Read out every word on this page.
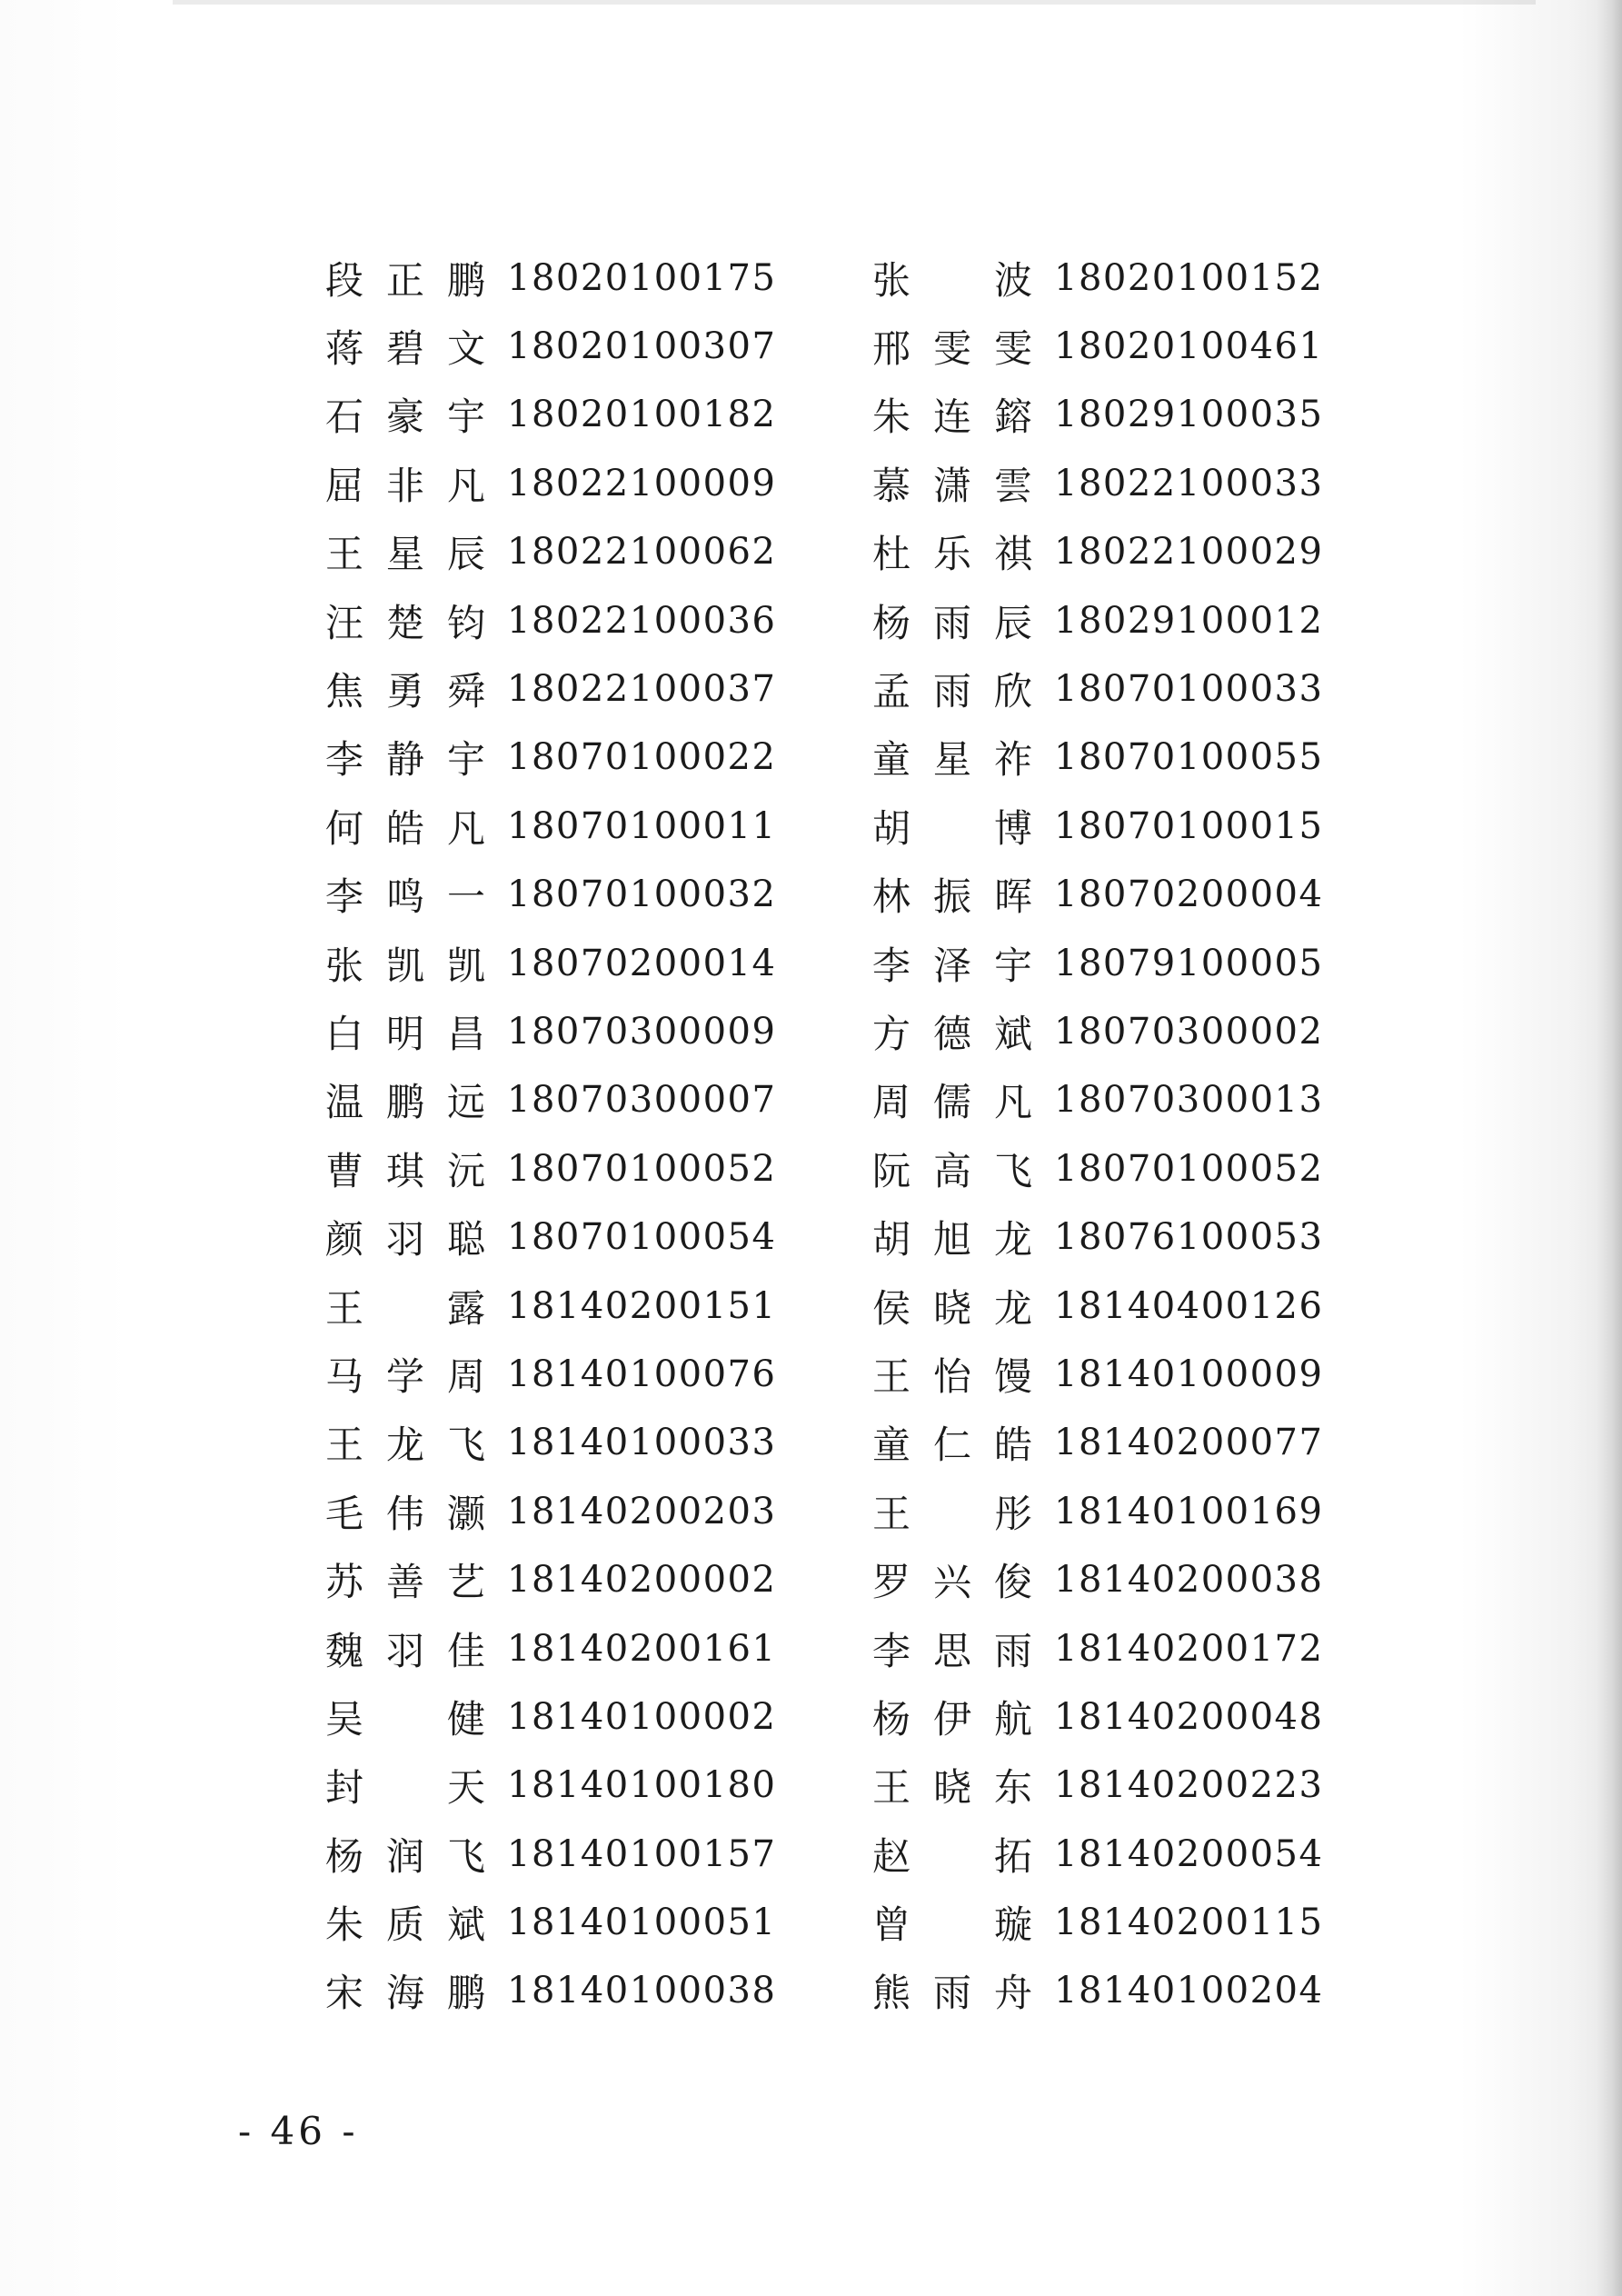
段 正 鹏 18020100175
蒋 碧 文 18020100307
石 豪 宇 18020100182
屈 非 凡 18022100009
王 星 辰 18022100062
汪 楚 钧 18022100036
焦 勇 舜 18022100037
李 静 宇 18070100022
何 皓 凡 18070100011
李 鸣 一 18070100032
张 凯 凯 18070200014
白 明 昌 18070300009
温 鹏 远 18070300007
曹 琪 沅 18070100052
颜 羽 聪 18070100054
王 露 18140200151
马 学 周 18140100076
王 龙 飞 18140100033
毛 伟 灏 18140200203
苏 善 艺 18140200002
魏 羽 佳 18140200161
吴 健 18140100002
封 天 18140100180
杨 润 飞 18140100157
朱 质 斌 18140100051
宋 海 鹏 18140100038
张 波 18020100152
邢 雯 雯 18020100461
朱 连 鎔 18029100035
慕 潇 雲 18022100033
杜 乐 祺 18022100029
杨 雨 辰 18029100012
孟 雨 欣 18070100033
童 星 祚 18070100055
胡 博 18070100015
林 振 晖 18070200004
李 泽 宇 18079100005
方 德 斌 18070300002
周 儒 凡 18070300013
阮 高 飞 18070100052
胡 旭 龙 18076100053
侯 晓 龙 18140400126
王 怡 馒 18140100009
童 仁 皓 18140200077
王 彤 18140100169
罗 兴 俊 18140200038
李 思 雨 18140200172
杨 伊 航 18140200048
王 晓 东 18140200223
赵 拓 18140200054
曾 璇 18140200115
熊 雨 舟 18140100204
- 46 -
